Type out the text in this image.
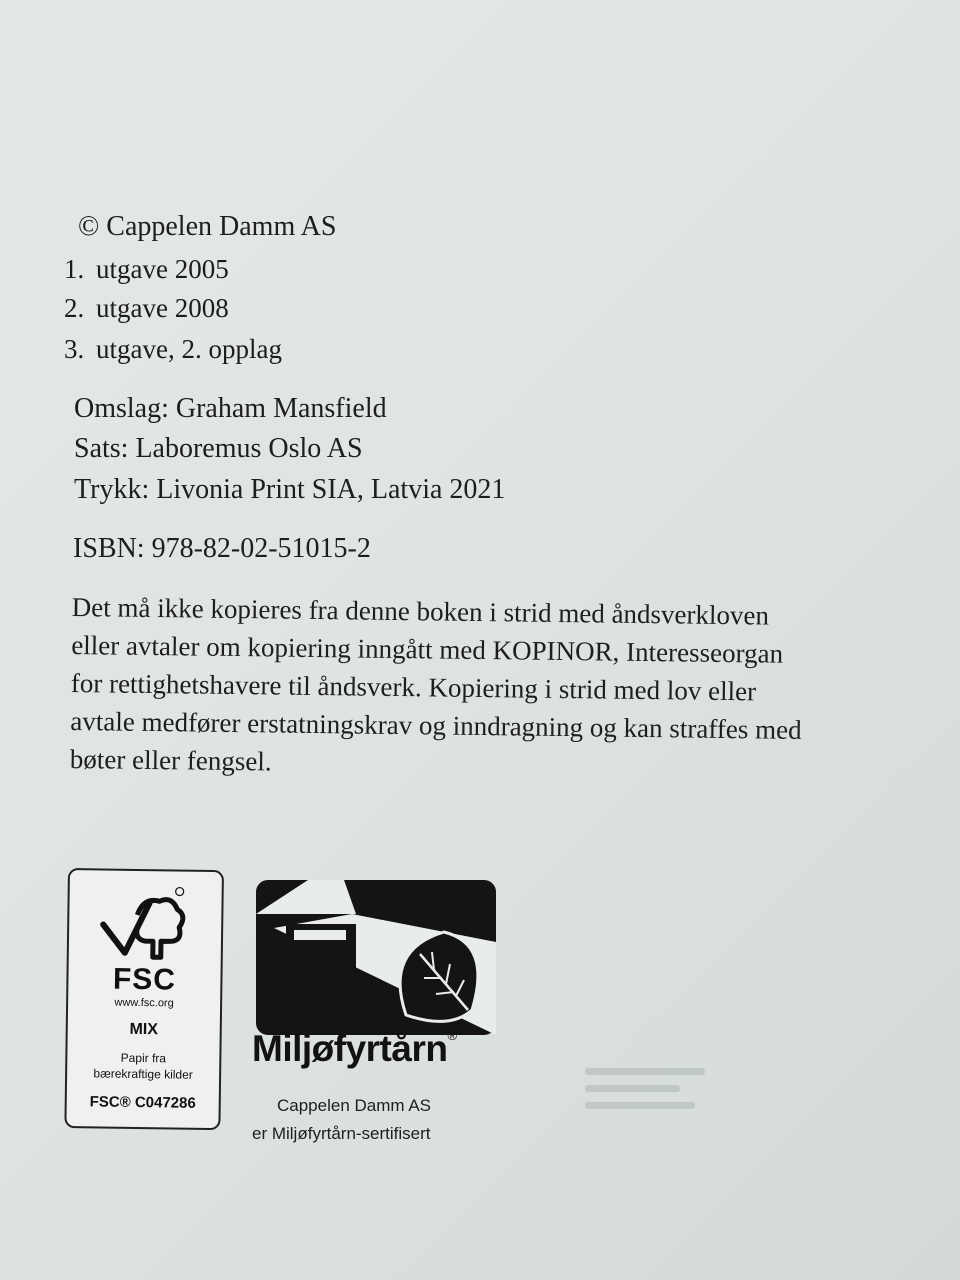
© Cappelen Damm AS
1. utgave 2005
2. utgave 2008
3. utgave, 2. opplag
Omslag: Graham Mansfield
Sats: Laboremus Oslo AS
Trykk: Livonia Print SIA, Latvia 2021
ISBN: 978-82-02-51015-2
Det må ikke kopieres fra denne boken i strid med åndsverkloven
eller avtaler om kopiering inngått med KOPINOR, Interesseorgan
for rettighetshavere til åndsverk. Kopiering i strid med lov eller
avtale medfører erstatningskrav og inndragning og kan straffes med
bøter eller fengsel.
FSC
www.fsc.org
MIX
Papir fra
bærekraftige kilder
FSC® C047286
Miljøfyrtårn®
Cappelen Damm AS
er Miljøfyrtårn-sertifisert
